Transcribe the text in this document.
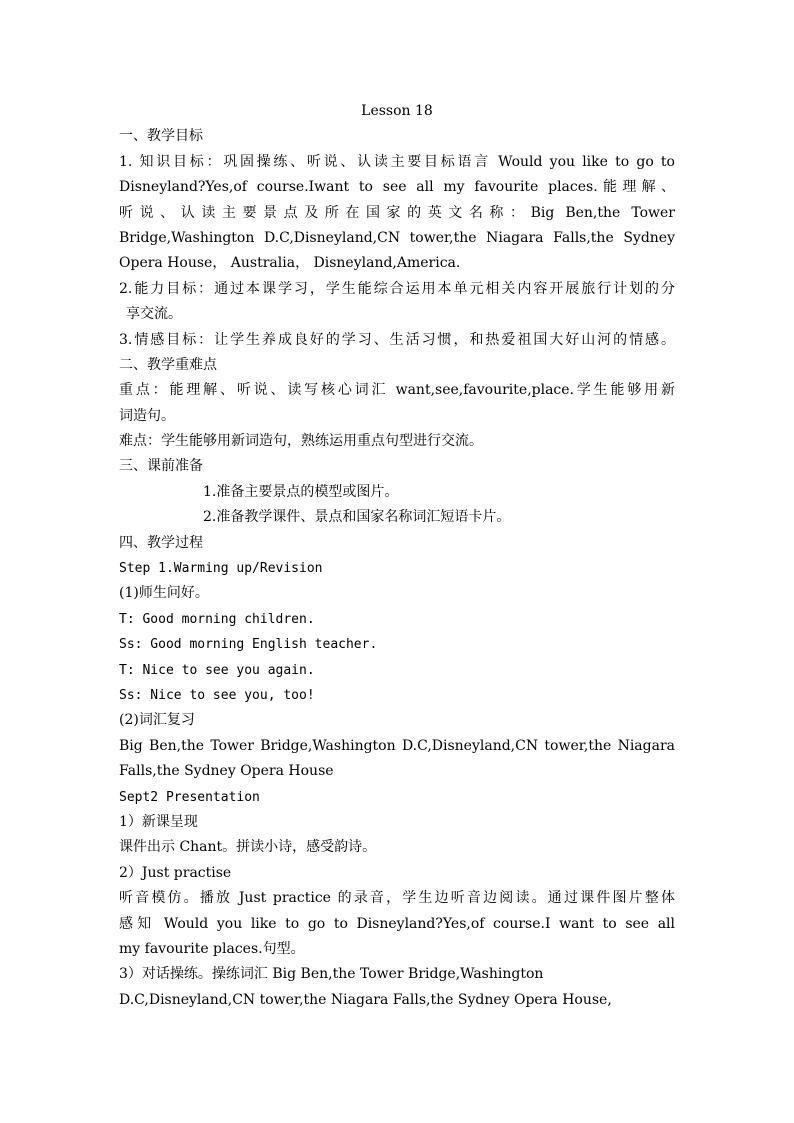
Lesson 18
一、教学目标
1. 知识目标：巩固操练、听说、认读主要目标语言 Would you like to go to
Disneyland?Yes,of course.Iwant to see all my favourite places.能理解、
听说、认读主要景点及所在国家的英文名称：Big Ben,the Tower
Bridge,Washington D.C,Disneyland,CN tower,the Niagara Falls,the Sydney
Opera House， Australia， Disneyland,America.
2.能力目标：通过本课学习，学生能综合运用本单元相关内容开展旅行计划的分
享交流。
3.情感目标：让学生养成良好的学习、生活习惯，和热爱祖国大好山河的情感。
二、教学重难点
重点：能理解、听说、读写核心词汇 want,see,favourite,place.学生能够用新
词造句。
难点：学生能够用新词造句，熟练运用重点句型进行交流。
三、课前准备
1.准备主要景点的模型或图片。
2.准备教学课件、景点和国家名称词汇短语卡片。
四、教学过程
Step 1.Warming up/Revision
(1)师生问好。
T: Good morning children.
Ss: Good morning English teacher.
T: Nice to see you again.
Ss: Nice to see you, too!
(2)词汇复习
Big Ben,the Tower Bridge,Washington D.C,Disneyland,CN tower,the Niagara
Falls,the Sydney Opera House
Sept2 Presentation
1）新课呈现
课件出示 Chant。拼读小诗，感受韵诗。
2）Just practise
听音模仿。播放 Just practice 的录音，学生边听音边阅读。通过课件图片整体
感知 Would you like to go to Disneyland?Yes,of course.I want to see all
my favourite places.句型。
3）对话操练。操练词汇 Big Ben,the Tower Bridge,Washington
D.C,Disneyland,CN tower,the Niagara Falls,the Sydney Opera House,
